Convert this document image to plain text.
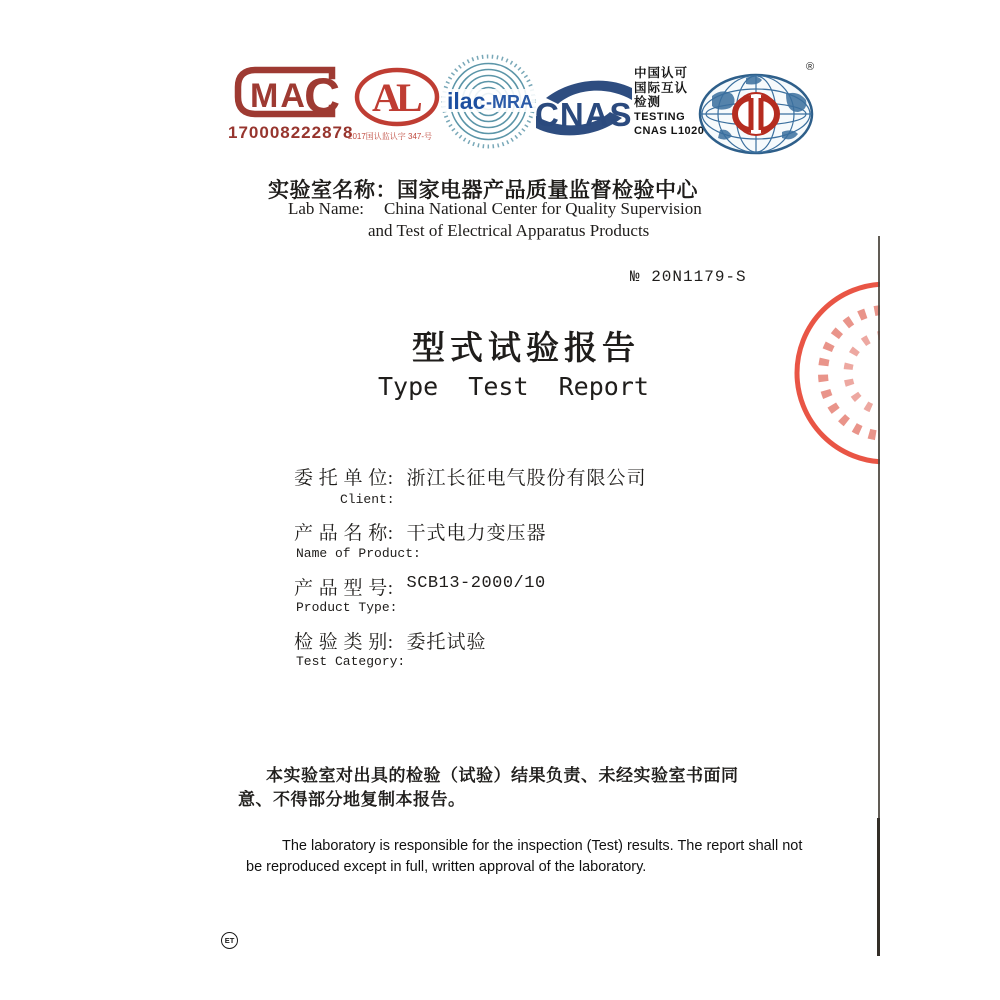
MA
C
170008222878
A
L
2017国认监认字 347-号
ilac -MRA CNAS
中国认可
国际互认
检测
TESTING
CNAS L1020
®
实验室名称：国家电器产品质量监督检验中心
Lab Name: China National Center for Quality Supervision
and Test of Electrical Apparatus Products
№ 20N1179-S
型式试验报告
Type  Test  Report
委 托 单 位: 浙江长征电气股份有限公司
Client:
产 品 名 称: 干式电力变压器
Name of Product:
产 品 型 号: SCB13-2000/10
Product Type:
检 验 类 别: 委托试验
Test Category:
本实验室对出具的检验（试验）结果负责、未经实验室书面同意、不得部分地复制本报告。
The laboratory is responsible for the inspection (Test) results. The report shall not be reproduced except in full, written approval of the laboratory.
ET
